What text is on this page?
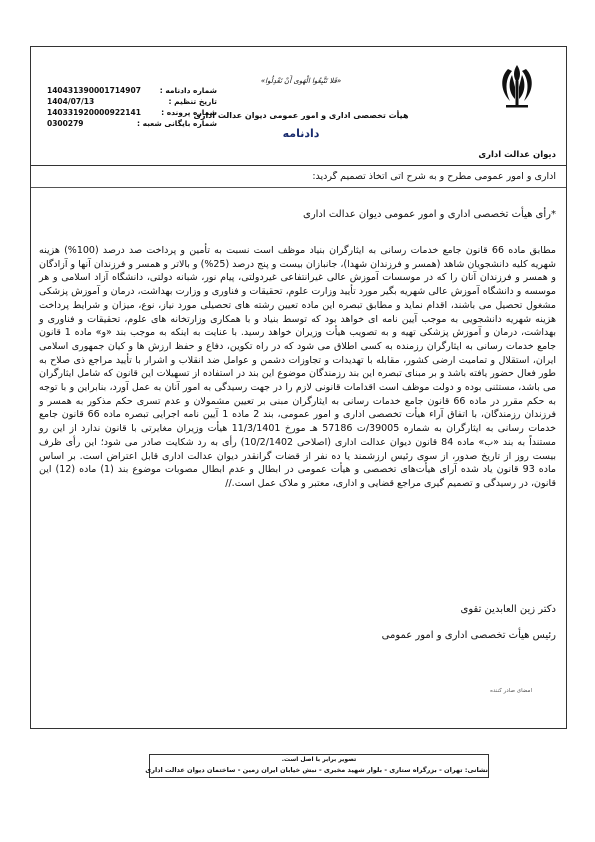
دیوان عدالت اداری
«فَلا تَتَّبِعُوا الْهَوى أَنْ تَعْدِلُوا»
هیأت تخصصی اداری و امور عمومی دیوان عدالت اداری
دادنامه
شماره دادنامه :
140431390001714907
تاریخ تنظیم :
1404/07/13
شماره پرونده :
140331920000922141
شماره بایگانی شعبه :
0300279
اداری و امور عمومی مطرح و به شرح آتی اتخاذ تصمیم گردید:
*رأی هیأت تخصصی اداری و امور عمومی دیوان عدالت اداری
مطابق ماده 66 قانون جامع خدمات رسانی به ایثارگران بنیاد موظف است نسبت به تأمین و پرداخت صد درصد (100%) هزینه شهریه کلیه دانشجویان شاهد (همسر و فرزندان شهدا)، جانبازان بیست و پنج درصد (25%) و بالاتر و همسر و فرزندان آنها و آزادگان و همسر و فرزندان آنان را که در موسسات آموزش عالی غیرانتفاعی غیردولتی، پیام نور، شبانه دولتی، دانشگاه آزاد اسلامی و هر موسسه و دانشگاه آموزش عالی شهریه بگیر مورد تأیید وزارت علوم، تحقیقات و فناوری و وزارت بهداشت، درمان و آموزش پزشکی مشغول تحصیل می باشند، اقدام نماید و مطابق تبصره این ماده تعیین رشته های تحصیلی مورد نیاز، نوع، میزان و شرایط پرداخت هزینه شهریه دانشجویی به موجب آیین نامه ای خواهد بود که توسط بنیاد و با همکاری وزارتخانه های علوم، تحقیقات و فناوری و بهداشت، درمان و آموزش پزشکی تهیه و به تصویب هیأت وزیران خواهد رسید. با عنایت به اینکه به موجب بند «و» ماده 1 قانون جامع خدمات رسانی به ایثارگران رزمنده به کسی اطلاق می شود که در راه تکوین، دفاع و حفظ ارزش ها و کیان جمهوری اسلامی ایران، استقلال و تمامیت ارضی کشور، مقابله با تهدیدات و تجاوزات دشمن و عوامل ضد انقلاب و اشرار با تأیید مراجع ذی صلاح به طور فعال حضور یافته باشد و بر مبنای تبصره این بند رزمندگان موضوع این بند در استفاده از تسهیلات این قانون که شامل ایثارگران می باشد، مستثنی بوده و دولت موظف است اقدامات قانونی لازم را در جهت رسیدگی به امور آنان به عمل آورد، بنابراین و با توجه به حکم مقرر در ماده 66 قانون جامع خدمات رسانی به ایثارگران مبنی بر تعیین مشمولان و عدم تسری حکم مذکور به همسر و فرزندان رزمندگان، با اتفاق آراء هیأت تخصصی اداری و امور عمومی، بند 2 ماده 1 آیین نامه اجرایی تبصره ماده 66 قانون جامع خدمات رسانی به ایثارگران به شماره 39005/ت 57186 هـ مورخ 11/3/1401 هیأت وزیران مغایرتی با قانون ندارد از این رو مستنداً به بند «ب» ماده 84 قانون دیوان عدالت اداری (اصلاحی 10/2/1402) رأی به رد شکایت صادر می شود؛ این رأی ظرف بیست روز از تاریخ صدور، از سوی رئیس ارزشمند یا ده نفر از قضات گرانقدر دیوان عدالت اداری قابل اعتراض است. بر اساس ماده 93 قانون یاد شده آرای هیأت‌های تخصصی و هیأت عمومی در ابطال و عدم ابطال مصوبات موضوع بند (1) ماده (12) این قانون، در رسیدگی و تصمیم گیری مراجع قضایی و اداری، معتبر و ملاک عمل است.//
دکتر زین العابدین تقوی
رئیس هیأت تخصصی اداری و امور عمومی
امضای صادر کننده
تصویر برابر با اصل است.
نشانی: تهران - بزرگراه ستاری - بلوار شهید مخبری - نبش خیابان ایران زمین - ساختمان دیوان عدالت اداری
